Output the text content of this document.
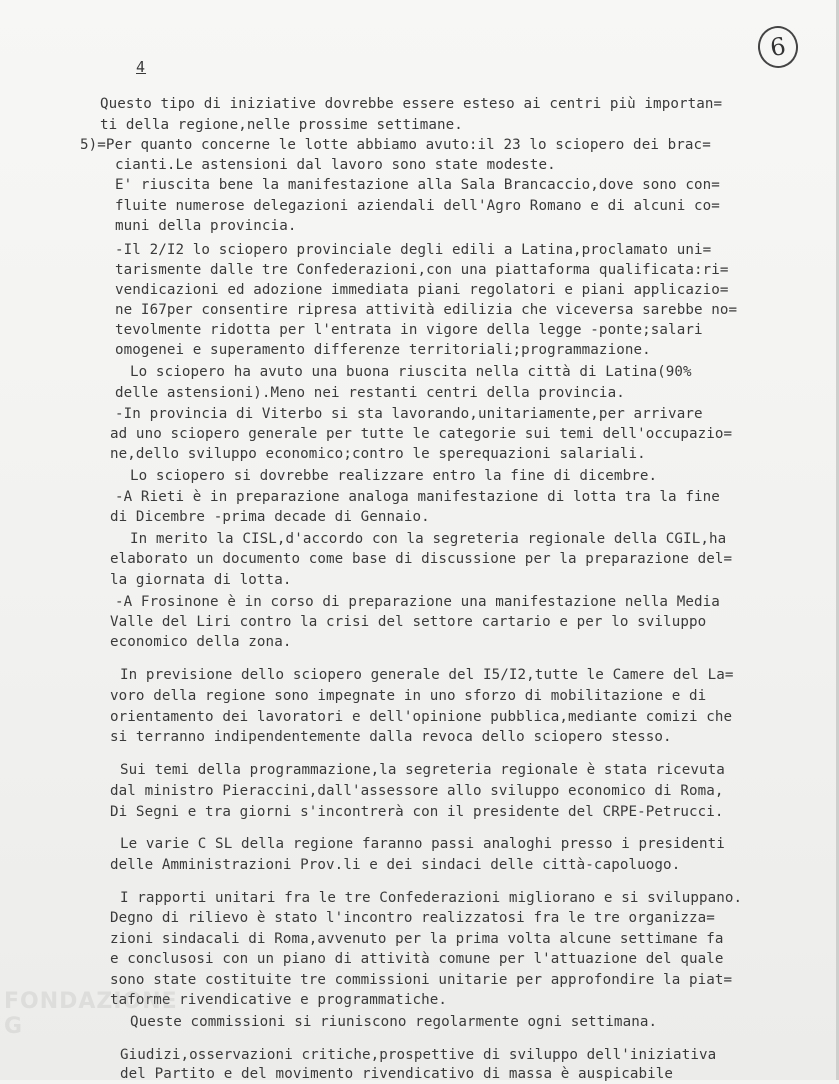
6
4
Questo tipo di iniziative dovrebbe essere esteso ai centri più importan=
ti della regione,nelle prossime settimane.
5)=Per quanto concerne le lotte abbiamo avuto:il 23 lo sciopero dei brac=
cianti.Le astensioni dal lavoro sono state modeste.
E' riuscita bene la manifestazione alla Sala Brancaccio,dove sono con=
fluite numerose delegazioni aziendali dell'Agro Romano e di alcuni co=
muni della provincia.
-Il 2/I2 lo sciopero provinciale degli edili a Latina,proclamato uni=
tarismente dalle tre Confederazioni,con una piattaforma qualificata:ri=
vendicazioni ed adozione immediata piani regolatori e piani applicazio=
ne I67per consentire ripresa attività edilizia che viceversa sarebbe no=
tevolmente ridotta per l'entrata in vigore della legge -ponte;salari
omogenei e superamento differenze territoriali;programmazione.
Lo sciopero ha avuto una buona riuscita nella città di Latina(90%
delle astensioni).Meno nei restanti centri della provincia.
-In provincia di Viterbo si sta lavorando,unitariamente,per arrivare
ad uno sciopero generale per tutte le categorie sui temi dell'occupazio=
ne,dello sviluppo economico;contro le sperequazioni salariali.
Lo sciopero si dovrebbe realizzare entro la fine di dicembre.
-A Rieti è in preparazione analoga manifestazione di lotta tra la fine
di Dicembre -prima decade di Gennaio.
In merito la CISL,d'accordo con la segreteria regionale della CGIL,ha
elaborato un documento come base di discussione per la preparazione del=
la giornata di lotta.
-A Frosinone è in corso di preparazione una manifestazione nella Media
Valle del Liri contro la crisi del settore cartario e per lo sviluppo
economico della zona.
In previsione dello sciopero generale del I5/I2,tutte le Camere del La=
voro della regione sono impegnate in uno sforzo di mobilitazione e di
orientamento dei lavoratori e dell'opinione pubblica,mediante comizi che
si terranno indipendentemente dalla revoca dello sciopero stesso.
Sui temi della programmazione,la segreteria regionale è stata ricevuta
dal ministro Pieraccini,dall'assessore allo sviluppo economico di Roma,
Di Segni e tra giorni s'incontrerà con il presidente del CRPE-Petrucci.
Le varie C SL della regione faranno passi analoghi presso i presidenti
delle Amministrazioni Prov.li e dei sindaci delle città-capoluogo.
I rapporti unitari fra le tre Confederazioni migliorano e si sviluppano.
Degno di rilievo è stato l'incontro realizzatosi fra le tre organizza=
zioni sindacali di Roma,avvenuto per la prima volta alcune settimane fa
e conclusosi con un piano di attività comune per l'attuazione del quale
sono state costituite tre commissioni unitarie per approfondire la piat=
taforme rivendicative e programmatiche.
Queste commissioni si riuniscono regolarmente ogni settimana.
Giudizi,osservazioni critiche,prospettive di sviluppo dell'iniziativa
del Partito e del movimento rivendicativo di massa è auspicabile
FONDAZIONE G
